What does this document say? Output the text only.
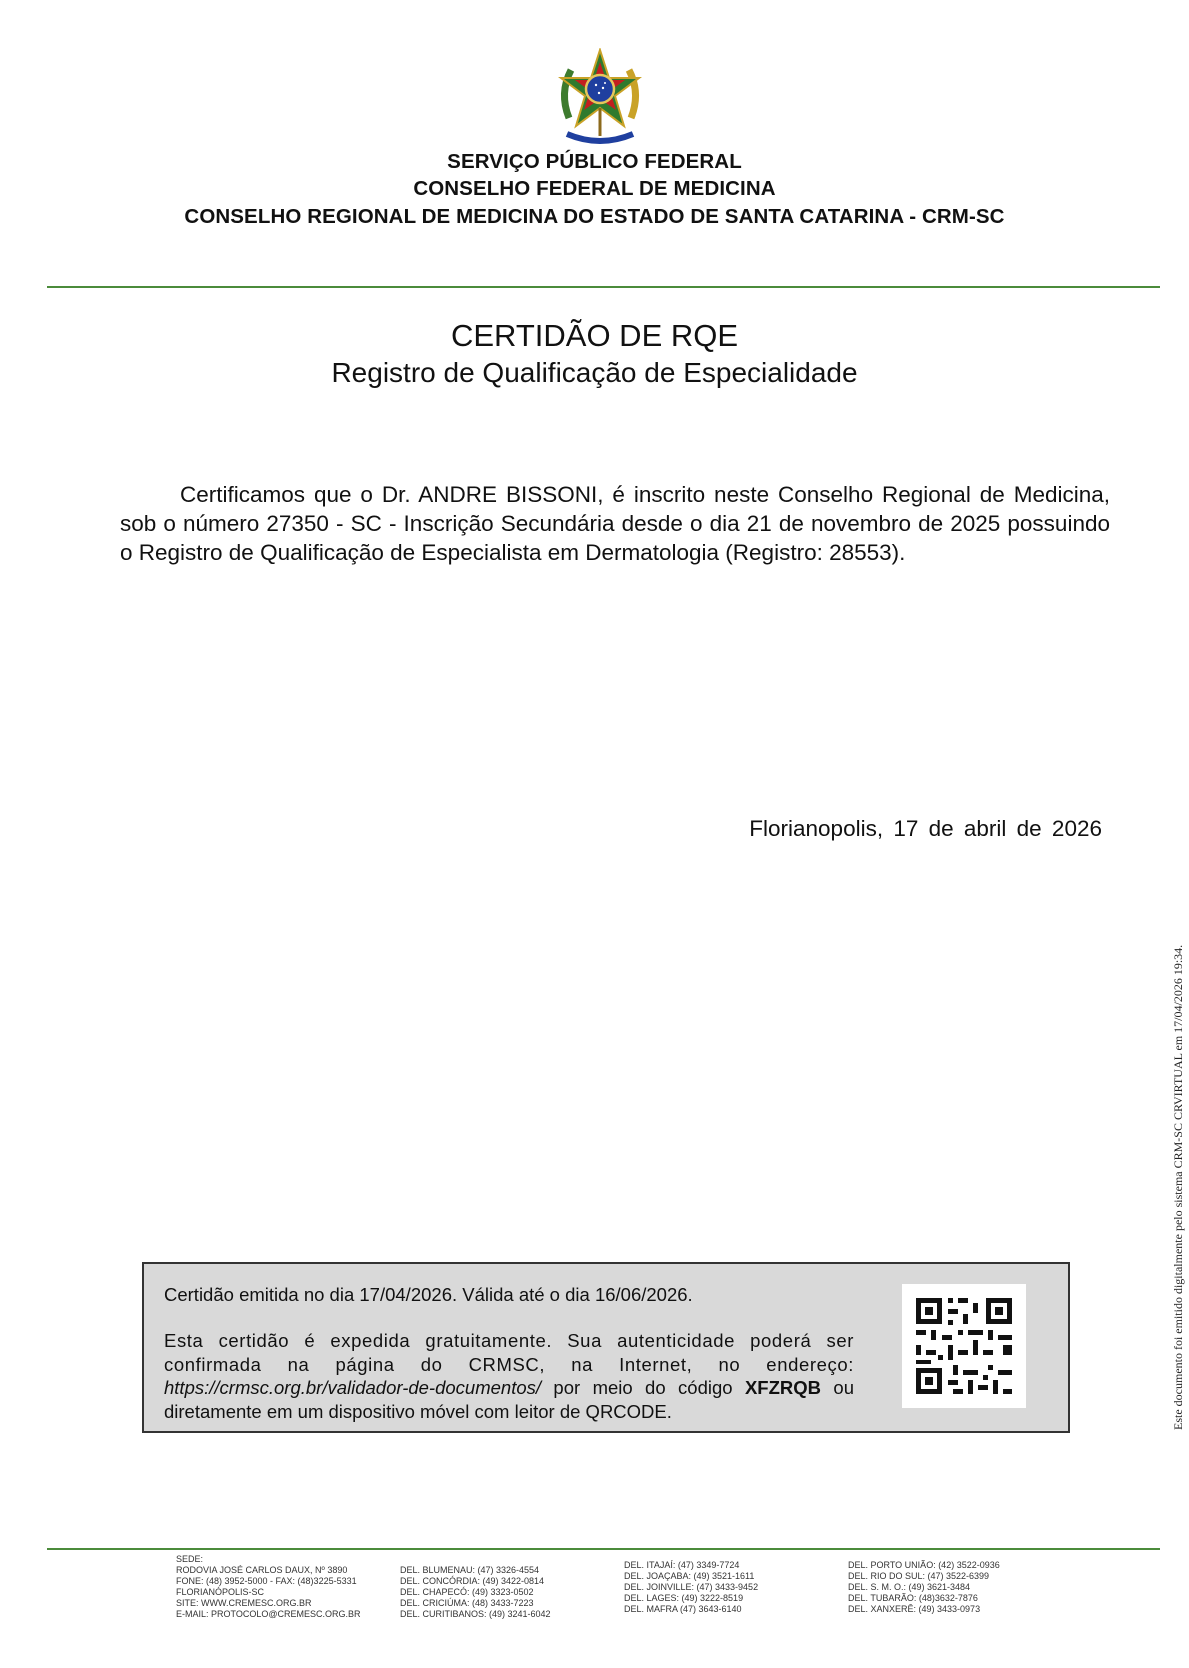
SERVIÇO PÚBLICO FEDERAL
CONSELHO FEDERAL DE MEDICINA
CONSELHO REGIONAL DE MEDICINA DO ESTADO DE SANTA CATARINA - CRM-SC
CERTIDÃO DE RQE
Registro de Qualificação de Especialidade
Certificamos que o Dr. ANDRE BISSONI, é inscrito neste Conselho Regional de Medicina, sob o número 27350 - SC - Inscrição Secundária desde o dia 21 de novembro de 2025 possuindo o Registro de Qualificação de Especialista em Dermatologia (Registro: 28553).
Florianopolis, 17 de abril de 2026
Este documento foi emitido digitalmente pelo sistema CRM-SC CRVIRTUAL em 17/04/2026 19:34.

Certidão emitida no dia 17/04/2026. Válida até o dia 16/06/2026.

Esta certidão é expedida gratuitamente. Sua autenticidade poderá ser confirmada na página do CRMSC, na Internet, no endereço: https://crmsc.org.br/validador-de-documentos/ por meio do código XFZRQB ou diretamente em um dispositivo móvel com leitor de QRCODE.

SEDE:
RODOVIA JOSÉ CARLOS DAUX, Nº 3890
FONE: (48) 3952-5000 - FAX: (48)3225-5331
FLORIANÓPOLIS-SC
SITE: WWW.CREMESC.ORG.BR
E-MAIL: PROTOCOLO@CREMESC.ORG.BR
DEL. BLUMENAU: (47) 3326-4554
DEL. CONCÓRDIA: (49) 3422-0814
DEL. CHAPECÓ: (49) 3323-0502
DEL. CRICIÚMA: (48) 3433-7223
DEL. CURITIBANOS: (49) 3241-6042
DEL. ITAJAÍ: (47) 3349-7724
DEL. JOAÇABA: (49) 3521-1611
DEL. JOINVILLE: (47) 3433-9452
DEL. LAGES: (49) 3222-8519
DEL. MAFRA (47) 3643-6140
DEL. PORTO UNIÃO: (42) 3522-0936
DEL. RIO DO SUL: (47) 3522-6399
DEL. S. M. O.: (49) 3621-3484
DEL. TUBARÃO: (48)3632-7876
DEL. XANXERÊ: (49) 3433-0973
